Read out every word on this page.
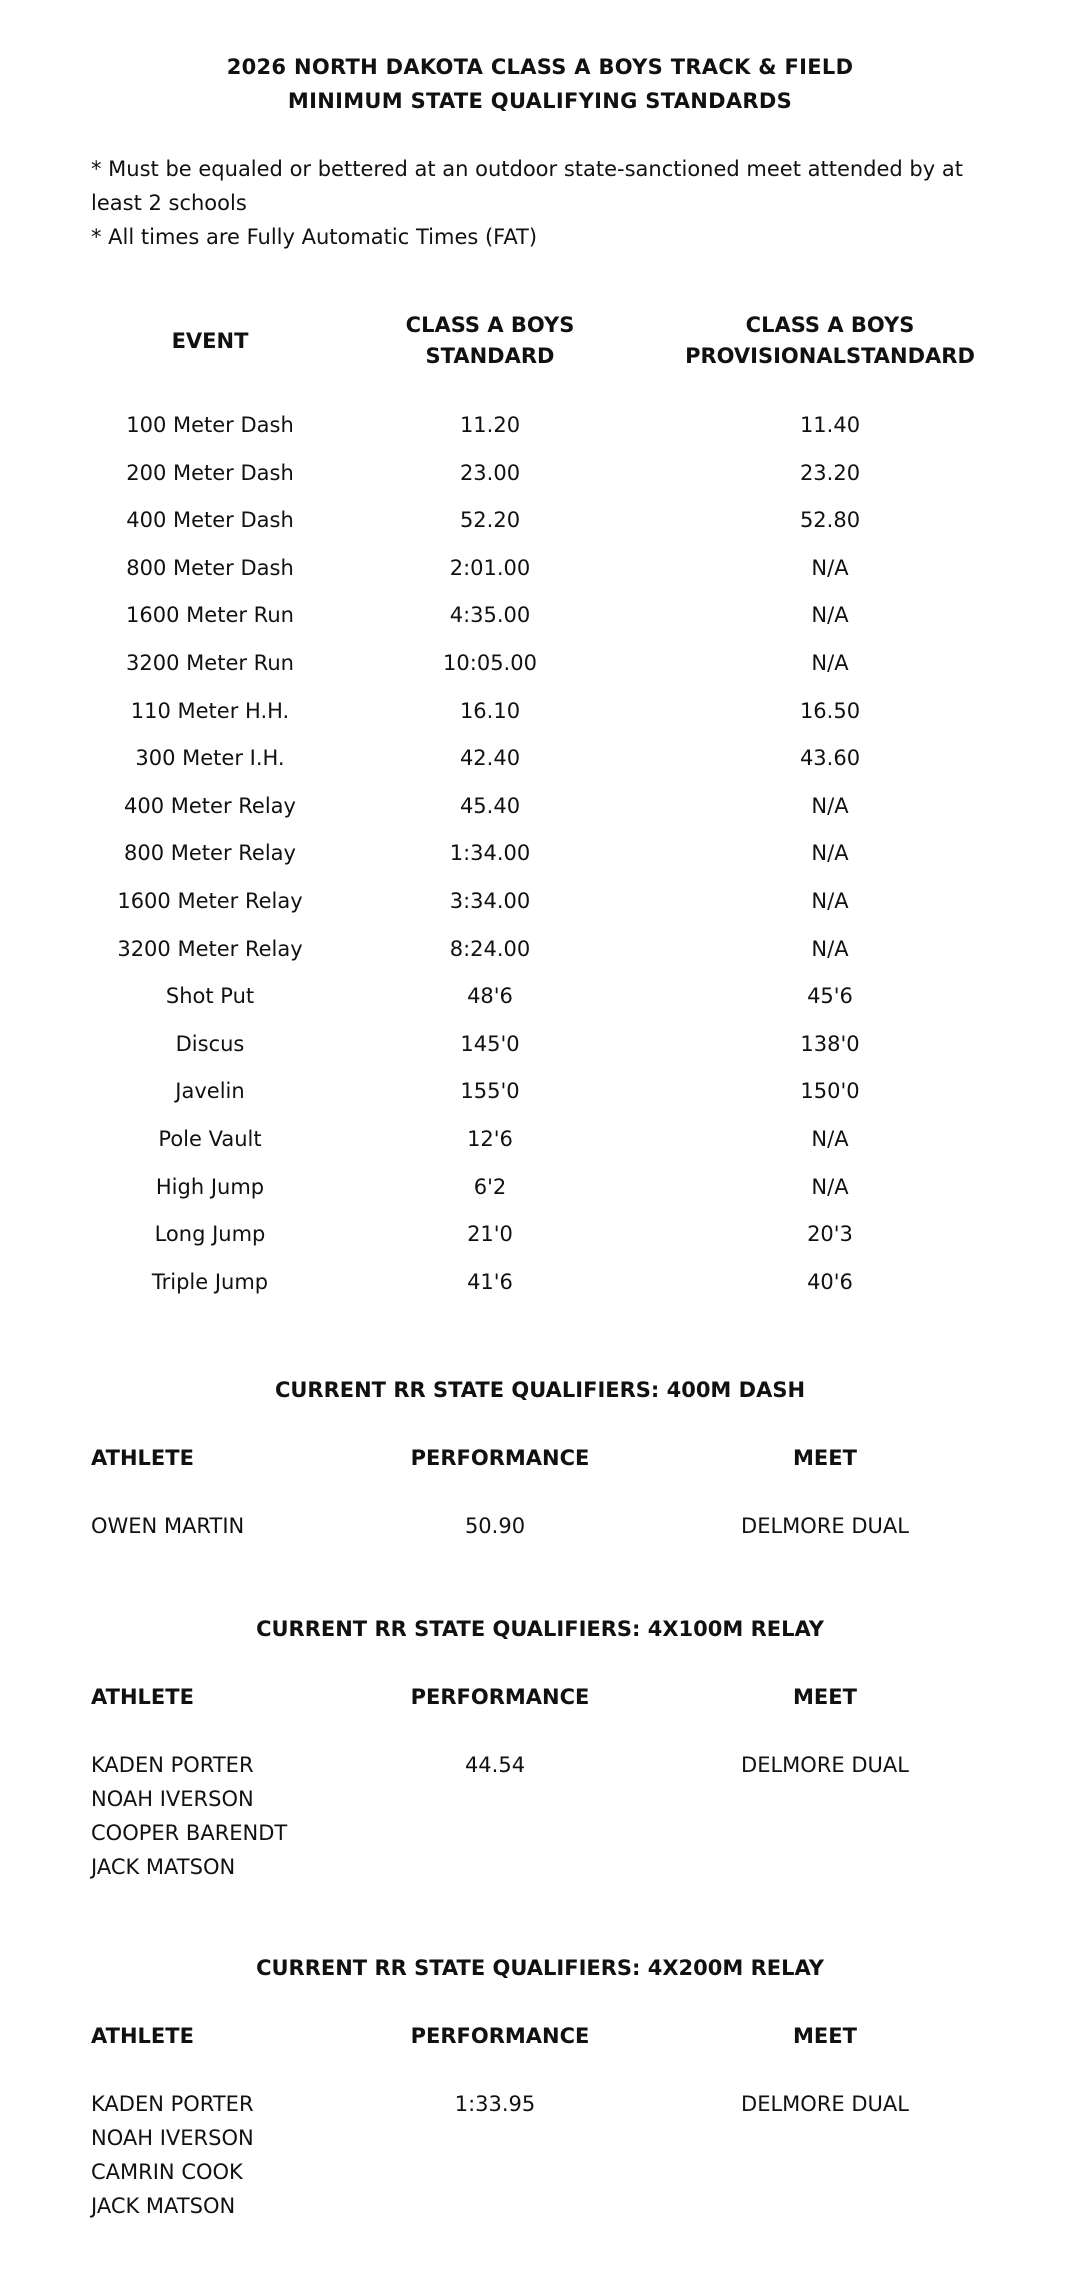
2026 NORTH DAKOTA CLASS A BOYS TRACK & FIELD
MINIMUM STATE QUALIFYING STANDARDS
* Must be equaled or bettered at an outdoor state-sanctioned meet attended by at least 2 schools
* All times are Fully Automatic Times (FAT)
EVENT
CLASS A BOYS
STANDARD
CLASS A BOYS
PROVISIONALSTANDARD
100 Meter Dash	11.20	11.40
200 Meter Dash	23.00	23.20
400 Meter Dash	52.20	52.80
800 Meter Dash	2:01.00	N/A
1600 Meter Run	4:35.00	N/A
3200 Meter Run	10:05.00	N/A
110 Meter H.H.	16.10	16.50
300 Meter I.H.	42.40	43.60
400 Meter Relay	45.40	N/A
800 Meter Relay	1:34.00	N/A
1600 Meter Relay	3:34.00	N/A
3200 Meter Relay	8:24.00	N/A
Shot Put	48'6	45'6
Discus	145'0	138'0
Javelin	155'0	150'0
Pole Vault	12'6	N/A
High Jump	6'2	N/A
Long Jump	21'0	20'3
Triple Jump	41'6	40'6
CURRENT RR STATE QUALIFIERS: 400M DASH
ATHLETE	PERFORMANCE	MEET
OWEN MARTIN	50.90	DELMORE DUAL
CURRENT RR STATE QUALIFIERS: 4X100M RELAY
ATHLETE	PERFORMANCE	MEET
KADEN PORTER
NOAH IVERSON
COOPER BARENDT
JACK MATSON
44.54	DELMORE DUAL
CURRENT RR STATE QUALIFIERS: 4X200M RELAY
ATHLETE	PERFORMANCE	MEET
KADEN PORTER
NOAH IVERSON
CAMRIN COOK
JACK MATSON
1:33.95	DELMORE DUAL
